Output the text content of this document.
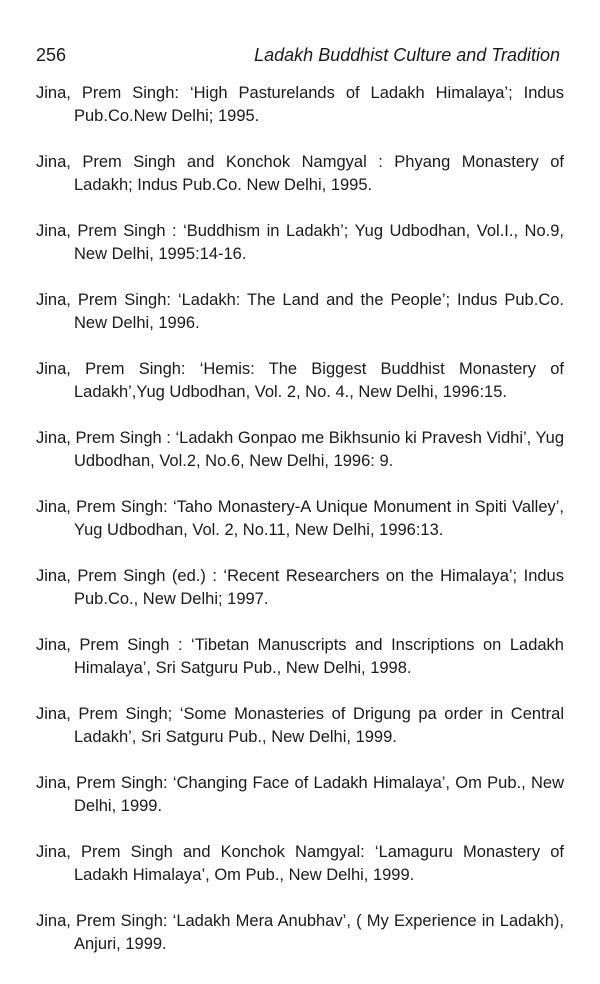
256	Ladakh Buddhist Culture and Tradition
Jina, Prem Singh: ‘High Pasturelands of Ladakh Himalaya’; Indus Pub.Co.New Delhi; 1995.
Jina, Prem Singh and Konchok Namgyal : Phyang Monastery of Ladakh; Indus Pub.Co. New Delhi, 1995.
Jina, Prem Singh : ‘Buddhism in Ladakh’; Yug Udbodhan, Vol.I., No.9, New Delhi, 1995:14-16.
Jina, Prem Singh: ‘Ladakh: The Land and the People’; Indus Pub.Co. New Delhi, 1996.
Jina, Prem Singh: ‘Hemis: The Biggest Buddhist Monastery of Ladakh’,Yug Udbodhan, Vol. 2, No. 4., New Delhi, 1996:15.
Jina, Prem Singh : ‘Ladakh Gonpao me Bikhsunio ki Pravesh Vidhi’, Yug Udbodhan, Vol.2, No.6, New Delhi, 1996: 9.
Jina, Prem Singh: ‘Taho Monastery-A Unique Monument in Spiti Valley’, Yug Udbodhan, Vol. 2, No.11, New Delhi, 1996:13.
Jina, Prem Singh (ed.) : ‘Recent Researchers on the Himalaya’; Indus Pub.Co., New Delhi; 1997.
Jina, Prem Singh : ‘Tibetan Manuscripts and Inscriptions on Ladakh Himalaya’, Sri Satguru Pub., New Delhi, 1998.
Jina, Prem Singh; ‘Some Monasteries of Drigung pa order in Central Ladakh’, Sri Satguru Pub., New Delhi, 1999.
Jina, Prem Singh: ‘Changing Face of Ladakh Himalaya’, Om Pub., New Delhi, 1999.
Jina, Prem Singh and Konchok Namgyal: ‘Lamaguru Monastery of Ladakh Himalaya’, Om Pub., New Delhi, 1999.
Jina, Prem Singh: ‘Ladakh Mera Anubhav’, ( My Experience in Ladakh), Anjuri, 1999.
